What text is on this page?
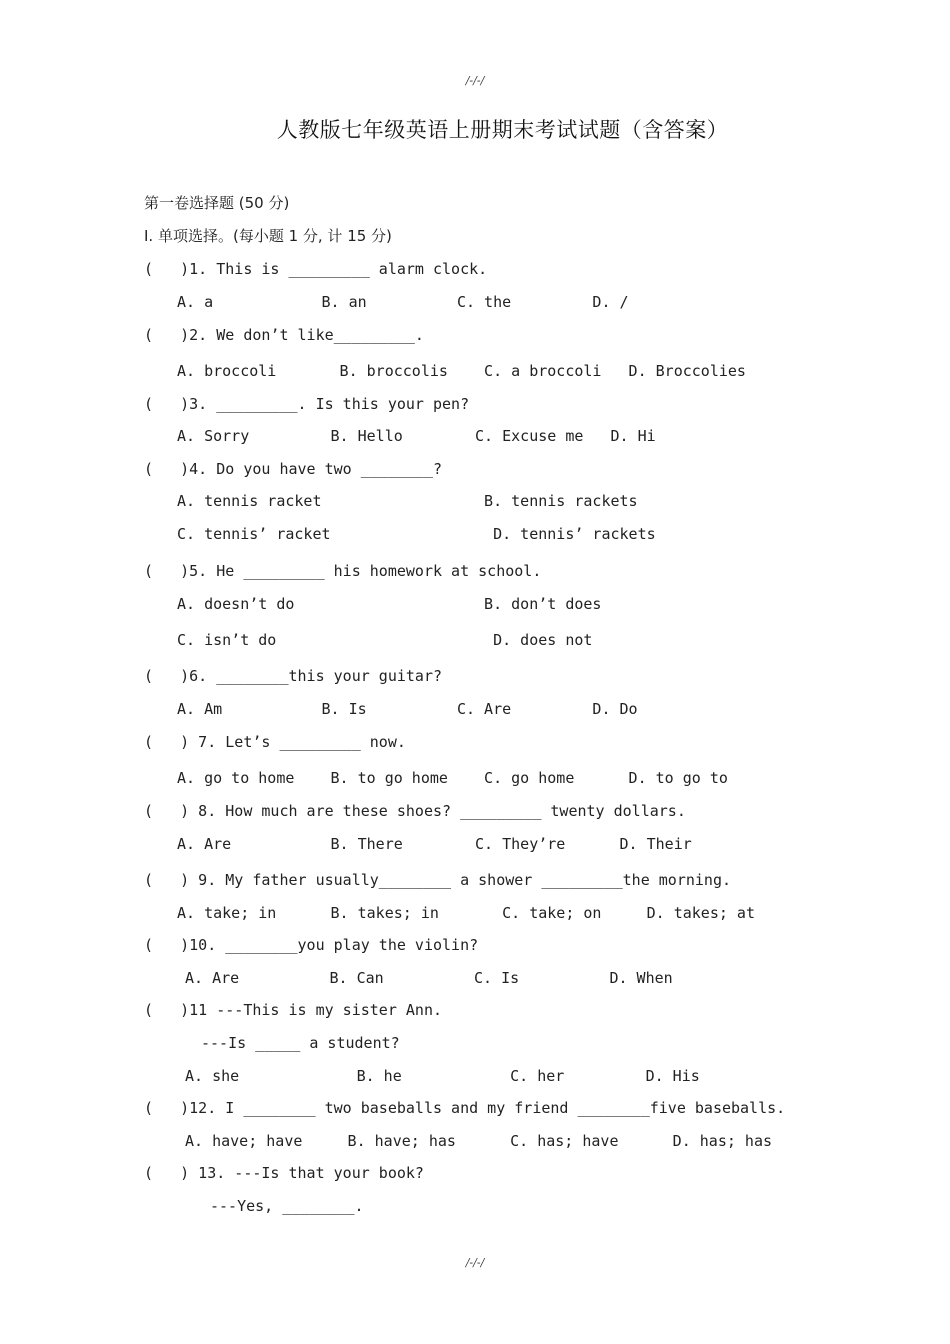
/-/-/
人教版七年级英语上册期末考试试题（含答案）
第一卷选择题 (50 分)
I. 单项选择。(每小题 1 分, 计 15 分)
(   )1. This is _________ alarm clock.
A. a            B. an          C. the         D. /
(   )2. We don’t like_________.
A. broccoli       B. broccolis    C. a broccoli   D. Broccolies
(   )3. _________. Is this your pen?
A. Sorry         B. Hello        C. Excuse me   D. Hi
(   )4. Do you have two ________?
A. tennis racket                  B. tennis rackets
C. tennis’ racket                  D. tennis’ rackets
(   )5. He _________ his homework at school.
A. doesn’t do                     B. don’t does
C. isn’t do                        D. does not
(   )6. ________this your guitar?
A. Am           B. Is          C. Are         D. Do
(   ) 7. Let’s _________ now.
A. go to home    B. to go home    C. go home      D. to go to
(   ) 8. How much are these shoes? _________ twenty dollars.
A. Are           B. There        C. They’re      D. Their
(   ) 9. My father usually________ a shower _________the morning.
A. take; in      B. takes; in       C. take; on     D. takes; at
(   )10. ________you play the violin?
A. Are          B. Can          C. Is          D. When
(   )11 ---This is my sister Ann.
---Is _____ a student?
A. she             B. he            C. her         D. His
(   )12. I ________ two baseballs and my friend ________five baseballs.
A. have; have     B. have; has      C. has; have      D. has; has
(   ) 13. ---Is that your book?
---Yes, ________.
/-/-/
